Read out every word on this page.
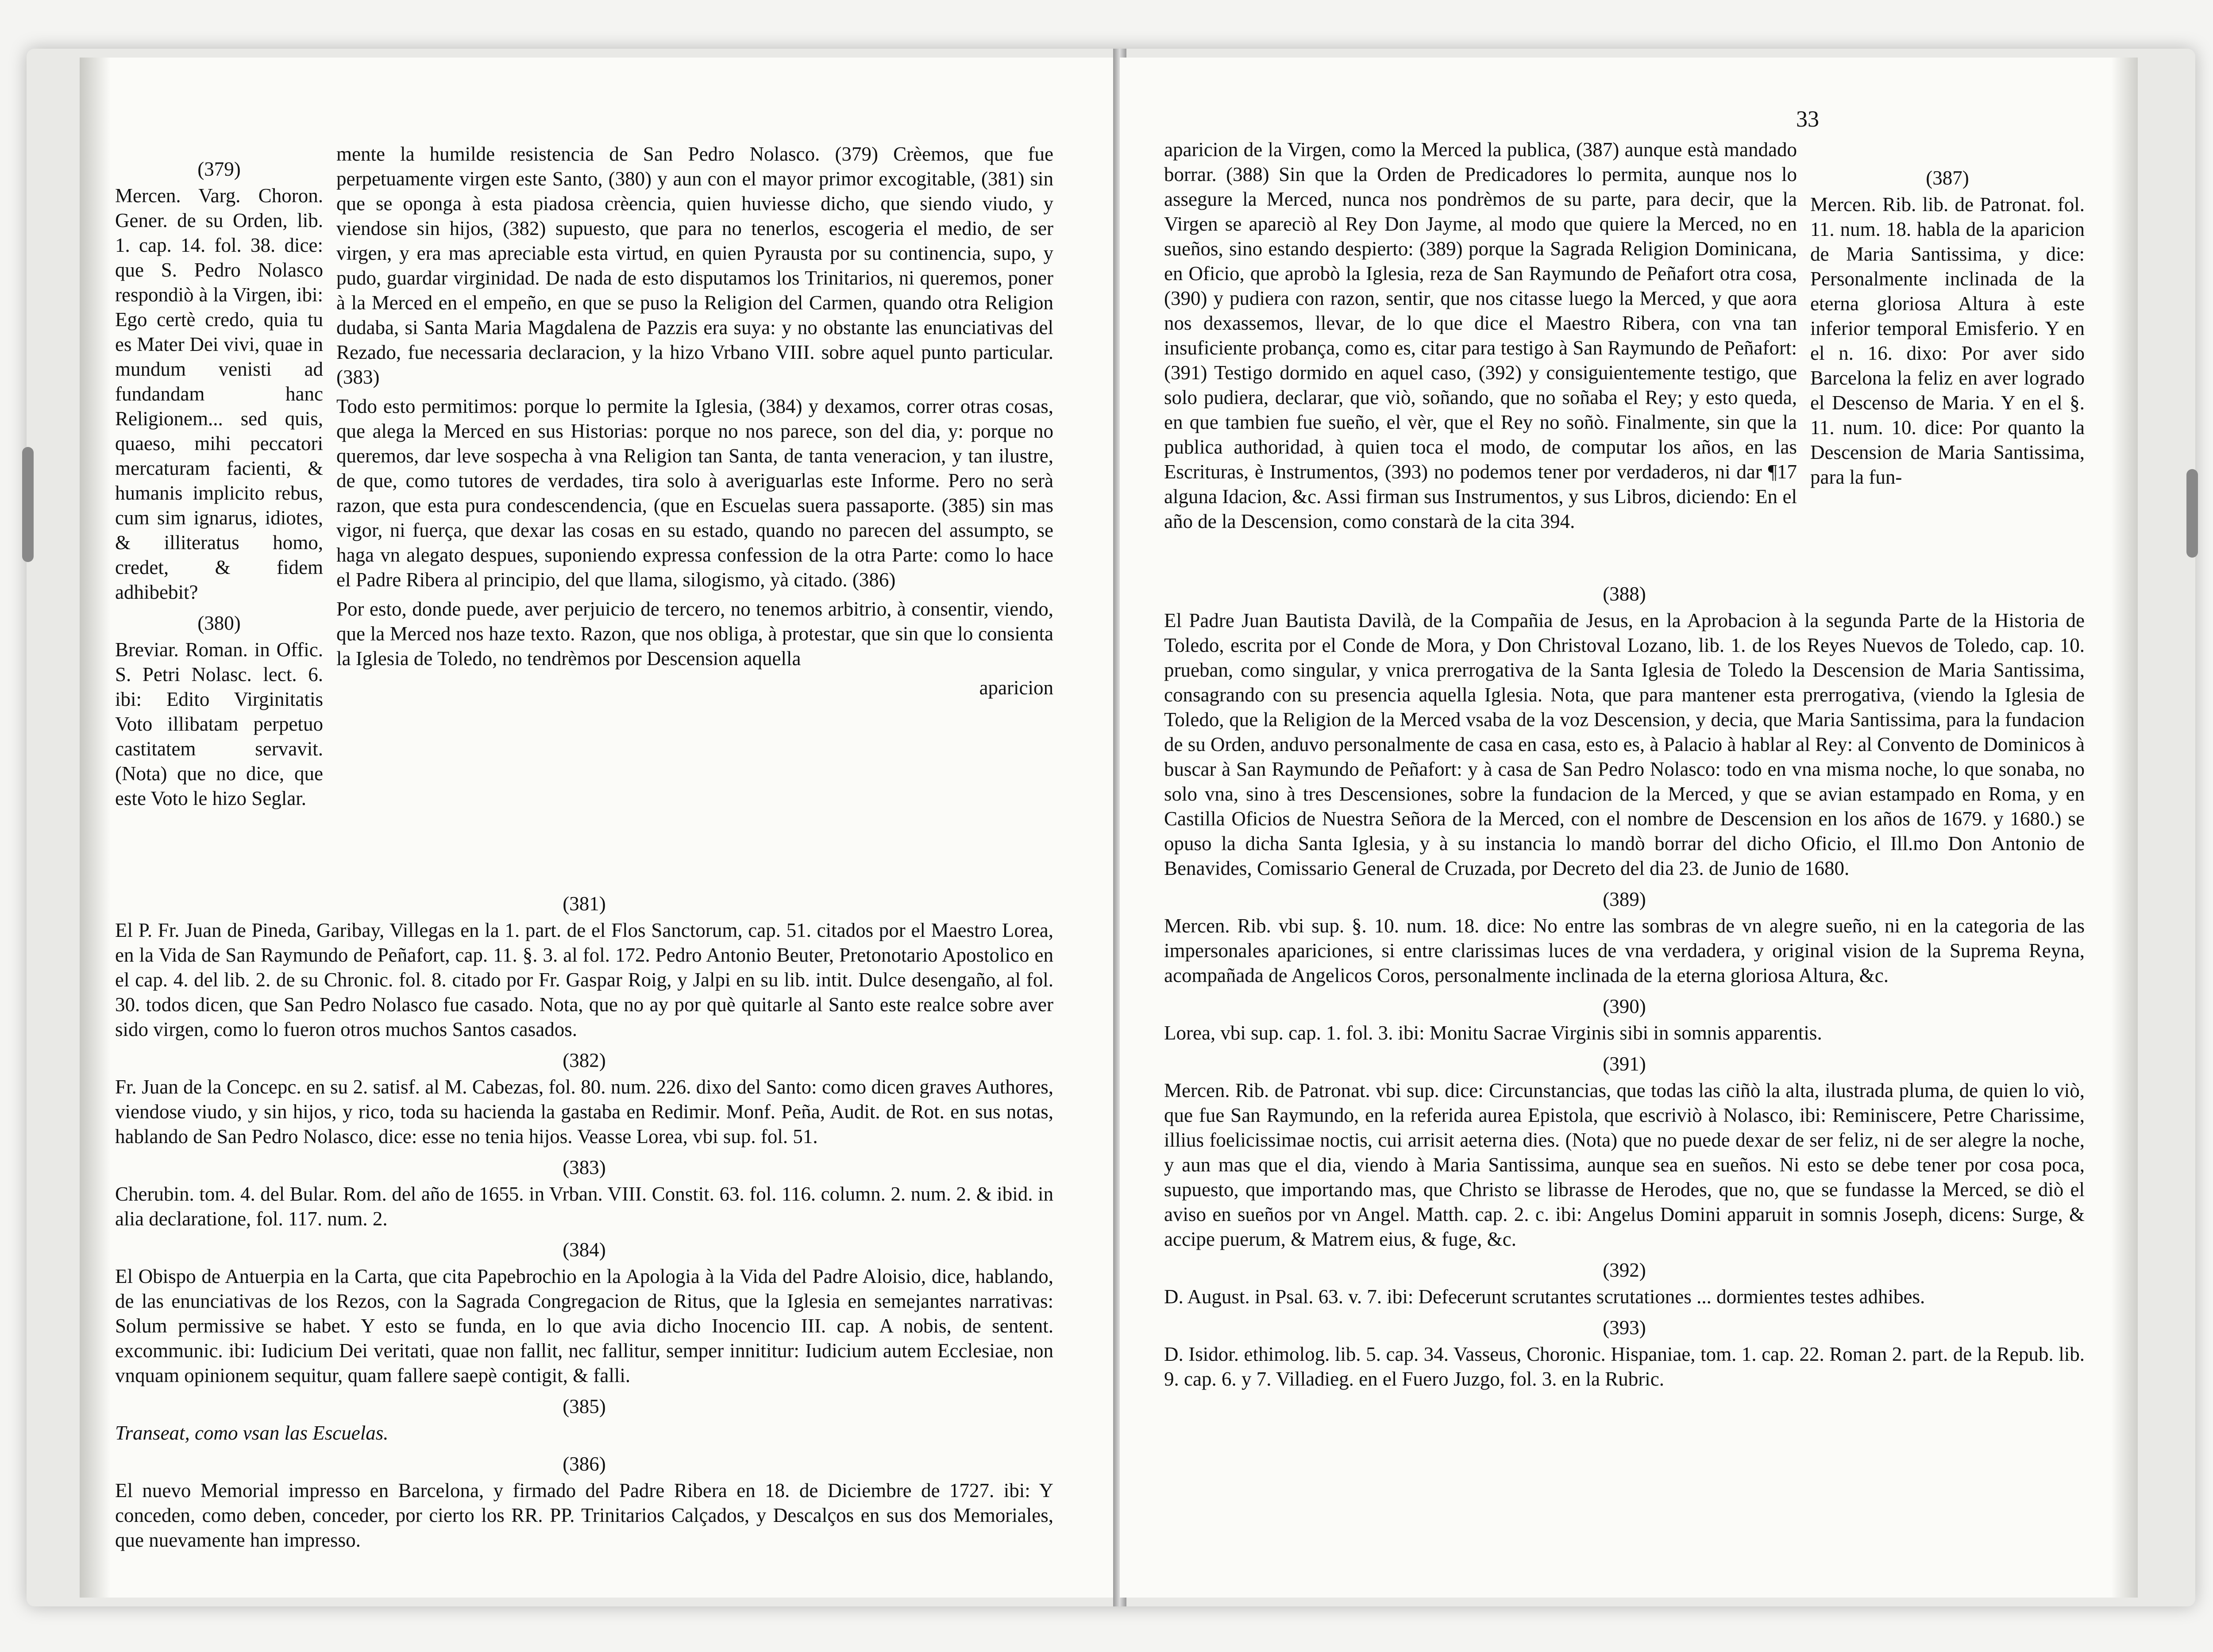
(379)

Mercen. Varg. Choron. Gener. de su Orden, lib. 1. cap. 14. fol. 38. dice: que S. Pedro Nolasco respondiò à la Virgen, ibi: Ego certè credo, quia tu es Mater Dei vivi, quae in mundum venisti ad fundandam hanc Religionem... sed quis, quaeso, mihi peccatori mercaturam facienti, & humanis implicito rebus, cum sim ignarus, idiotes, & illiteratus homo, credet, & fidem adhibebit?

(380)

Breviar. Roman. in Offic. S. Petri Nolasc. lect. 6. ibi: Edito Virginitatis Voto illibatam perpetuo castitatem servavit. (Nota) que no dice, que este Voto le hizo Seglar.

mente la humilde resistencia de San Pedro Nolasco. (379) Crèemos, que fue perpetuamente virgen este Santo, (380) y aun con el mayor primor excogitable, (381) sin que se oponga à esta piadosa crèencia, quien huviesse dicho, que siendo viudo, y viendose sin hijos, (382) supuesto, que para no tenerlos, escogeria el medio, de ser virgen, y era mas apreciable esta virtud, en quien Pyrausta por su continencia, supo, y pudo, guardar virginidad. De nada de esto disputamos los Trinitarios, ni queremos, poner à la Merced en el empeño, en que se puso la Religion del Carmen, quando otra Religion dudaba, si Santa Maria Magdalena de Pazzis era suya: y no obstante las enunciativas del Rezado, fue necessaria declaracion, y la hizo Vrbano VIII. sobre aquel punto particular. (383)

Todo esto permitimos: porque lo permite la Iglesia, (384) y dexamos, correr otras cosas, que alega la Merced en sus Historias: porque no nos parece, son del dia, y: porque no queremos, dar leve sospecha à vna Religion tan Santa, de tanta veneracion, y tan ilustre, de que, como tutores de verdades, tira solo à averiguarlas este Informe. Pero no serà razon, que esta pura condescendencia, (que en Escuelas suera passaporte. (385) sin mas vigor, ni fuerça, que dexar las cosas en su estado, quando no parecen del assumpto, se haga vn alegato despues, suponiendo expressa confession de la otra Parte: como lo hace el Padre Ribera al principio, del que llama, silogismo, yà citado. (386)

Por esto, donde puede, aver perjuicio de tercero, no tenemos arbitrio, à consentir, viendo, que la Merced nos haze texto. Razon, que nos obliga, à protestar, que sin que lo consienta la Iglesia de Toledo, no tendrèmos por Descension aquella

aparicion
(381)

El P. Fr. Juan de Pineda, Garibay, Villegas en la 1. part. de el Flos Sanctorum, cap. 51. citados por el Maestro Lorea, en la Vida de San Raymundo de Peñafort, cap. 11. §. 3. al fol. 172. Pedro Antonio Beuter, Pretonotario Apostolico en el cap. 4. del lib. 2. de su Chronic. fol. 8. citado por Fr. Gaspar Roig, y Jalpi en su lib. intit. Dulce desengaño, al fol. 30. todos dicen, que San Pedro Nolasco fue casado. Nota, que no ay por què quitarle al Santo este realce sobre aver sido virgen, como lo fueron otros muchos Santos casados.

(382)

Fr. Juan de la Concepc. en su 2. satisf. al M. Cabezas, fol. 80. num. 226. dixo del Santo: como dicen graves Authores, viendose viudo, y sin hijos, y rico, toda su hacienda la gastaba en Redimir. Monf. Peña, Audit. de Rot. en sus notas, hablando de San Pedro Nolasco, dice: esse no tenia hijos. Veasse Lorea, vbi sup. fol. 51.

(383)

Cherubin. tom. 4. del Bular. Rom. del año de 1655. in Vrban. VIII. Constit. 63. fol. 116. column. 2. num. 2. & ibid. in alia declaratione, fol. 117. num. 2.

(384)

El Obispo de Antuerpia en la Carta, que cita Papebrochio en la Apologia à la Vida del Padre Aloisio, dice, hablando, de las enunciativas de los Rezos, con la Sagrada Congregacion de Ritus, que la Iglesia en semejantes narrativas: Solum permissive se habet. Y esto se funda, en lo que avia dicho Inocencio III. cap. A nobis, de sentent. excommunic. ibi: Iudicium Dei veritati, quae non fallit, nec fallitur, semper innititur: Iudicium autem Ecclesiae, non vnquam opinionem sequitur, quam fallere saepè contigit, & falli.

(385)

Transeat, como vsan las Escuelas.

(386)

El nuevo Memorial impresso en Barcelona, y firmado del Padre Ribera en 18. de Diciembre de 1727. ibi: Y conceden, como deben, conceder, por cierto los RR. PP. Trinitarios Calçados, y Descalços en sus dos Memoriales, que nuevamente han impresso.

33

aparicion de la Virgen, como la Merced la publica, (387) aunque està mandado borrar. (388) Sin que la Orden de Predicadores lo permita, aunque nos lo assegure la Merced, nunca nos pondrèmos de su parte, para decir, que la Virgen se apareciò al Rey Don Jayme, al modo que quiere la Merced, no en sueños, sino estando despierto: (389) porque la Sagrada Religion Dominicana, en Oficio, que aprobò la Iglesia, reza de San Raymundo de Peñafort otra cosa, (390) y pudiera con razon, sentir, que nos citasse luego la Merced, y que aora nos dexassemos, llevar, de lo que dice el Maestro Ribera, con vna tan insuficiente probança, como es, citar para testigo à San Raymundo de Peñafort: (391) Testigo dormido en aquel caso, (392) y consiguientemente testigo, que solo pudiera, declarar, que viò, soñando, que no soñaba el Rey; y esto queda, en que tambien fue sueño, el vèr, que el Rey no soñò. Finalmente, sin que la publica authoridad, à quien toca el modo, de computar los años, en las Escrituras, è Instrumentos, (393) no podemos tener por verdaderos, ni dar ¶17 alguna Idacion, &c. Assi firman sus Instrumentos, y sus Libros, diciendo: En el año de la Descension, como constarà de la cita 394.

(387)

Mercen. Rib. lib. de Patronat. fol. 11. num. 18. habla de la aparicion de Maria Santissima, y dice: Personalmente inclinada de la eterna gloriosa Altura à este inferior temporal Emisferio. Y en el n. 16. dixo: Por aver sido Barcelona la feliz en aver logrado el Descenso de Maria. Y en el §. 11. num. 10. dice: Por quanto la Descension de Maria Santissima, para la fun-

(388)

El Padre Juan Bautista Davilà, de la Compañia de Jesus, en la Aprobacion à la segunda Parte de la Historia de Toledo, escrita por el Conde de Mora, y Don Christoval Lozano, lib. 1. de los Reyes Nuevos de Toledo, cap. 10. prueban, como singular, y vnica prerrogativa de la Santa Iglesia de Toledo la Descension de Maria Santissima, consagrando con su presencia aquella Iglesia. Nota, que para mantener esta prerrogativa, (viendo la Iglesia de Toledo, que la Religion de la Merced vsaba de la voz Descension, y decia, que Maria Santissima, para la fundacion de su Orden, anduvo personalmente de casa en casa, esto es, à Palacio à hablar al Rey: al Convento de Dominicos à buscar à San Raymundo de Peñafort: y à casa de San Pedro Nolasco: todo en vna misma noche, lo que sonaba, no solo vna, sino à tres Descensiones, sobre la fundacion de la Merced, y que se avian estampado en Roma, y en Castilla Oficios de Nuestra Señora de la Merced, con el nombre de Descension en los años de 1679. y 1680.) se opuso la dicha Santa Iglesia, y à su instancia lo mandò borrar del dicho Oficio, el Ill.mo Don Antonio de Benavides, Comissario General de Cruzada, por Decreto del dia 23. de Junio de 1680.

(389)

Mercen. Rib. vbi sup. §. 10. num. 18. dice: No entre las sombras de vn alegre sueño, ni en la categoria de las impersonales apariciones, si entre clarissimas luces de vna verdadera, y original vision de la Suprema Reyna, acompañada de Angelicos Coros, personalmente inclinada de la eterna gloriosa Altura, &c.

(390)

Lorea, vbi sup. cap. 1. fol. 3. ibi: Monitu Sacrae Virginis sibi in somnis apparentis.

(391)

Mercen. Rib. de Patronat. vbi sup. dice: Circunstancias, que todas las ciñò la alta, ilustrada pluma, de quien lo viò, que fue San Raymundo, en la referida aurea Epistola, que escriviò à Nolasco, ibi: Reminiscere, Petre Charissime, illius foelicissimae noctis, cui arrisit aeterna dies. (Nota) que no puede dexar de ser feliz, ni de ser alegre la noche, y aun mas que el dia, viendo à Maria Santissima, aunque sea en sueños. Ni esto se debe tener por cosa poca, supuesto, que importando mas, que Christo se librasse de Herodes, que no, que se fundasse la Merced, se diò el aviso en sueños por vn Angel. Matth. cap. 2. c. ibi: Angelus Domini apparuit in somnis Joseph, dicens: Surge, & accipe puerum, & Matrem eius, & fuge, &c.

(392)

D. August. in Psal. 63. v. 7. ibi: Defecerunt scrutantes scrutationes ... dormientes testes adhibes.

(393)

D. Isidor. ethimolog. lib. 5. cap. 34. Vasseus, Choronic. Hispaniae, tom. 1. cap. 22. Roman 2. part. de la Repub. lib. 9. cap. 6. y 7. Villadieg. en el Fuero Juzgo, fol. 3. en la Rubric.
